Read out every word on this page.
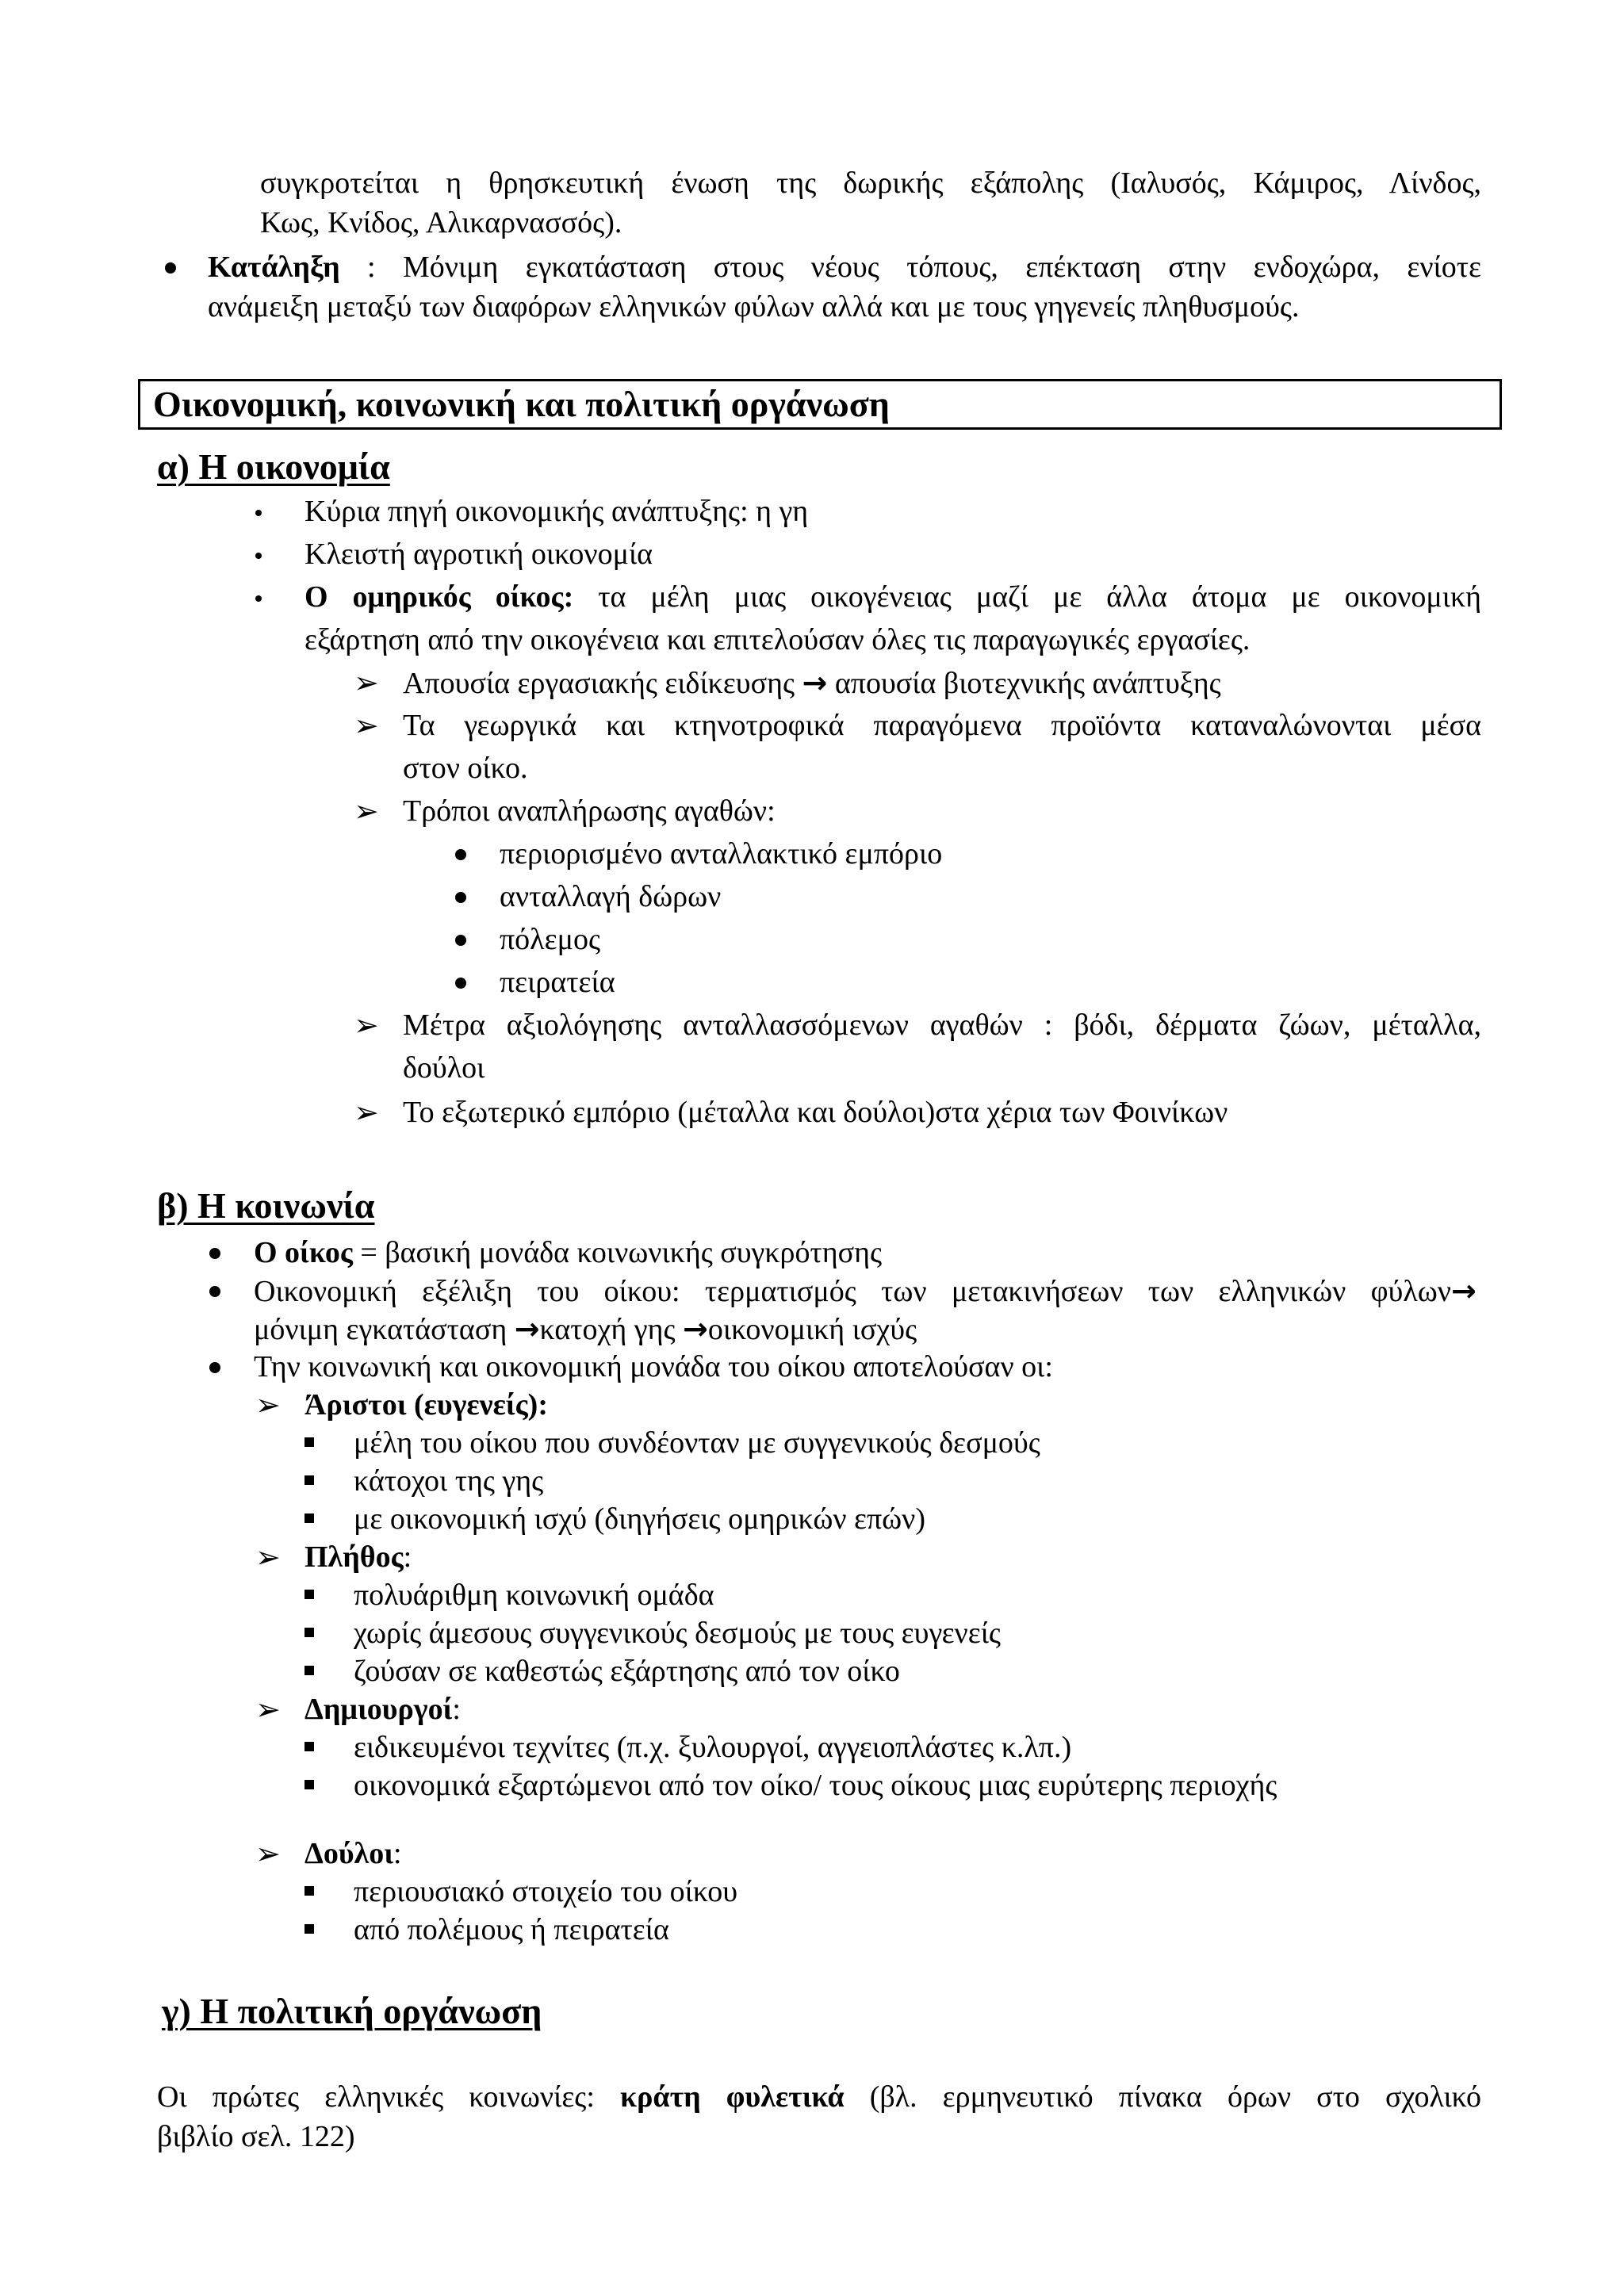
συγκροτείται η θρησκευτική ένωση της δωρικής εξάπολης (Ιαλυσός, Κάμιρος, Λίνδος,
Κως, Κνίδος, Αλικαρνασσός).
Κατάληξη : Μόνιμη εγκατάσταση στους νέους τόπους, επέκταση στην ενδοχώρα, ενίοτε
ανάμειξη μεταξύ των διαφόρων ελληνικών φύλων αλλά και με τους γηγενείς πληθυσμούς.
Οικονομική, κοινωνική και πολιτική οργάνωση
α) Η οικονομία
Κύρια πηγή οικονομικής ανάπτυξης: η γη
Κλειστή αγροτική οικονομία
Ο ομηρικός οίκος: τα μέλη μιας οικογένειας μαζί με άλλα άτομα με οικονομική
εξάρτηση από την οικογένεια και επιτελούσαν όλες τις παραγωγικές εργασίες.
➢ Απουσία εργασιακής ειδίκευσης → απουσία βιοτεχνικής ανάπτυξης
➢ Τα γεωργικά και κτηνοτροφικά παραγόμενα προϊόντα καταναλώνονται μέσα
στον οίκο.
➢ Τρόποι αναπλήρωσης αγαθών:
περιορισμένο ανταλλακτικό εμπόριο
ανταλλαγή δώρων
πόλεμος
πειρατεία
➢ Μέτρα αξιολόγησης ανταλλασσόμενων αγαθών : βόδι, δέρματα ζώων, μέταλλα,
δούλοι
➢ Το εξωτερικό εμπόριο (μέταλλα και δούλοι)στα χέρια των Φοινίκων
β) Η κοινωνία
Ο οίκος = βασική μονάδα κοινωνικής συγκρότησης
Οικονομική εξέλιξη του οίκου: τερματισμός των μετακινήσεων των ελληνικών φύλων→
μόνιμη εγκατάσταση →κατοχή γης →οικονομική ισχύς
Την κοινωνική και οικονομική μονάδα του οίκου αποτελούσαν οι:
➢ Άριστοι (ευγενείς):
μέλη του οίκου που συνδέονταν με συγγενικούς δεσμούς
κάτοχοι της γης
με οικονομική ισχύ (διηγήσεις ομηρικών επών)
➢ Πλήθος:
πολυάριθμη κοινωνική ομάδα
χωρίς άμεσους συγγενικούς δεσμούς με τους ευγενείς
ζούσαν σε καθεστώς εξάρτησης από τον οίκο
➢ Δημιουργοί:
ειδικευμένοι τεχνίτες (π.χ. ξυλουργοί, αγγειοπλάστες κ.λπ.)
οικονομικά εξαρτώμενοι από τον οίκο/ τους οίκους μιας ευρύτερης περιοχής
➢ Δούλοι:
περιουσιακό στοιχείο του οίκου
από πολέμους ή πειρατεία
γ) Η πολιτική οργάνωση
Οι πρώτες ελληνικές κοινωνίες: κράτη φυλετικά (βλ. ερμηνευτικό πίνακα όρων στο σχολικό
βιβλίο σελ. 122)
